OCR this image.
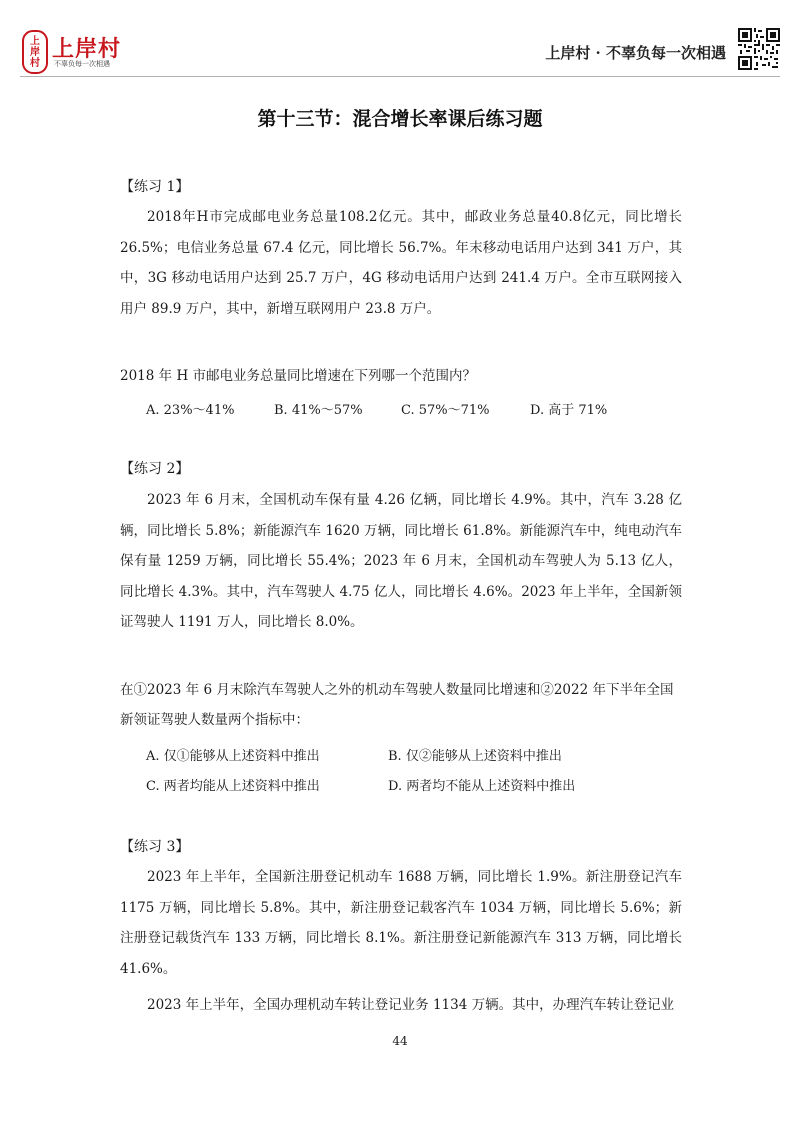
上
岸
村
上岸村
不辜负每一次相遇
上岸村 · 不辜负每一次相遇
第十三节：混合增长率课后练习题
【练习 1】
2018年H市完成邮电业务总量108.2亿元。其中，邮政业务总量40.8亿元，同比增长26.5%；电信业务总量 67.4 亿元，同比增长 56.7%。年末移动电话用户达到 341 万户，其中，3G 移动电话用户达到 25.7 万户，4G 移动电话用户达到 241.4 万户。全市互联网接入用户 89.9 万户，其中，新增互联网用户 23.8 万户。
2018 年 H 市邮电业务总量同比增速在下列哪一个范围内？
A. 23%～41%	B. 41%～57%	C. 57%～71%	D. 高于 71%
【练习 2】
2023 年 6 月末，全国机动车保有量 4.26 亿辆，同比增长 4.9%。其中，汽车 3.28 亿辆，同比增长 5.8%；新能源汽车 1620 万辆，同比增长 61.8%。新能源汽车中，纯电动汽车保有量 1259 万辆，同比增长 55.4%；2023 年 6 月末，全国机动车驾驶人为 5.13 亿人，同比增长 4.3%。其中，汽车驾驶人 4.75 亿人，同比增长 4.6%。2023 年上半年，全国新领证驾驶人 1191 万人，同比增长 8.0%。
在①2023 年 6 月末除汽车驾驶人之外的机动车驾驶人数量同比增速和②2022 年下半年全国新领证驾驶人数量两个指标中：
A. 仅①能够从上述资料中推出	B. 仅②能够从上述资料中推出
C. 两者均能从上述资料中推出	D. 两者均不能从上述资料中推出
【练习 3】
2023 年上半年，全国新注册登记机动车 1688 万辆，同比增长 1.9%。新注册登记汽车1175 万辆，同比增长 5.8%。其中，新注册登记载客汽车 1034 万辆，同比增长 5.6%；新注册登记载货汽车 133 万辆，同比增长 8.1%。新注册登记新能源汽车 313 万辆，同比增长41.6%。
2023 年上半年，全国办理机动车转让登记业务 1134 万辆。其中，办理汽车转让登记业
44
